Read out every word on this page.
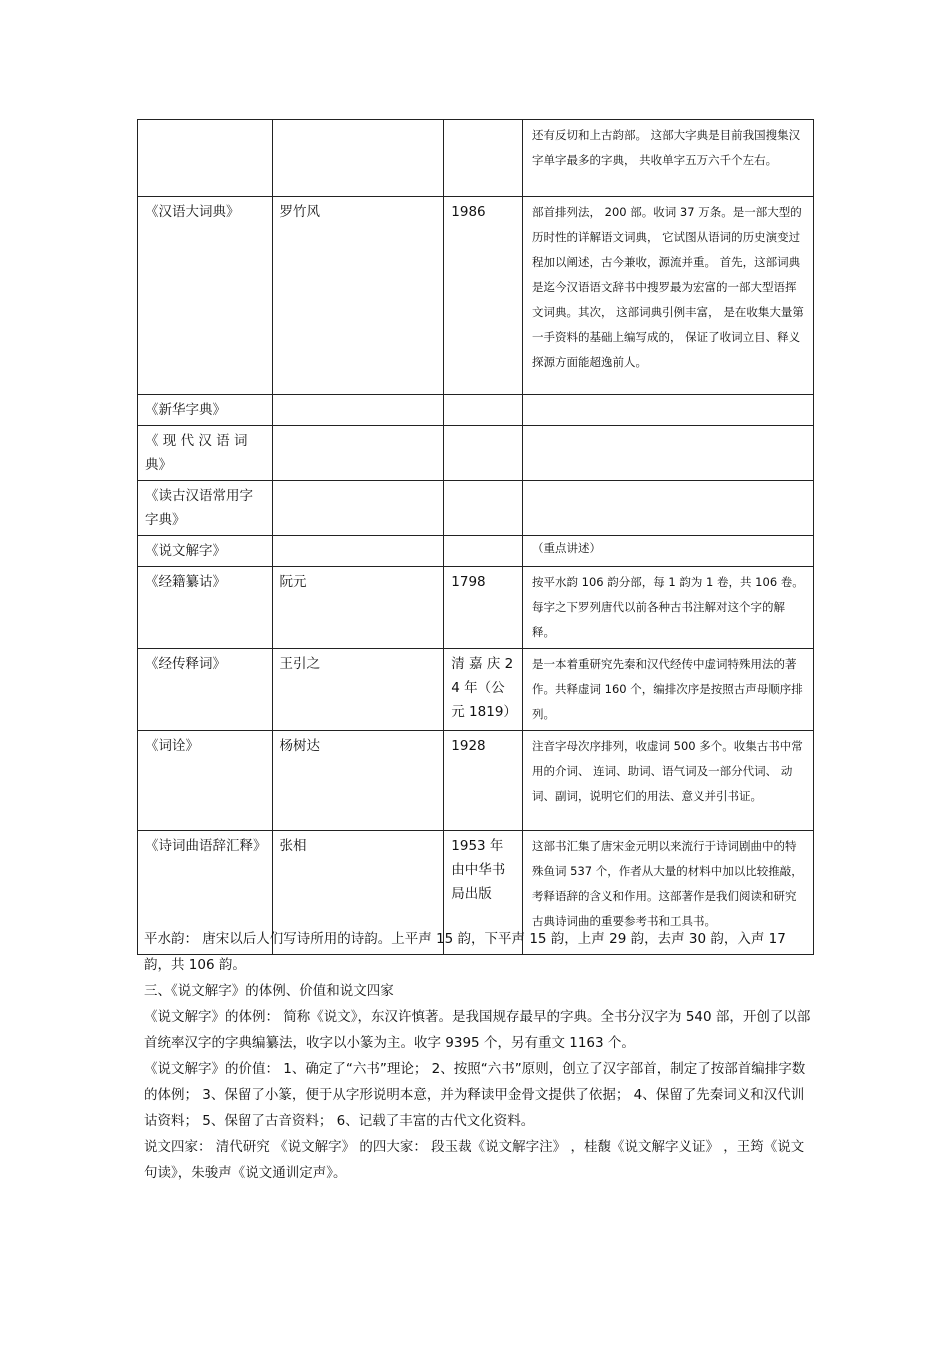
			还有反切和上古韵部。 这部大字典是目前我国搜集汉字单字最多的字典， 共收单字五万六千个左右。
《汉语大词典》	罗竹风	1986	部首排列法， 200 部。收词 37 万条。是一部大型的历时性的详解语文词典， 它试图从语词的历史演变过程加以阐述，古今兼收，源流并重。 首先，这部词典是迄今汉语语文辞书中搜罗最为宏富的一部大型语挥文词典。其次， 这部词典引例丰富， 是在收集大量第一手资料的基础上编写成的， 保证了收词立目、释义探源方面能超逸前人。
《新华字典》			
《 现 代 汉 语 词典》			
《读古汉语常用字字典》			
《说文解字》			（重点讲述）
《经籍纂诂》	阮元	1798	按平水韵 106 韵分部，每 1 韵为 1 卷，共 106 卷。每字之下罗列唐代以前各种古书注解对这个字的解释。
《经传释词》	王引之	清 嘉 庆 24 年（公元 1819）	是一本着重研究先秦和汉代经传中虚词特殊用法的著作。共释虚词 160 个，编排次序是按照古声母顺序排列。
《词诠》	杨树达	1928	注音字母次序排列，收虚词 500 多个。收集古书中常用的介词、 连词、助词、语气词及一部分代词、 动词、副词，说明它们的用法、意义并引书证。
《诗词曲语辞汇释》	张相	1953 年由中华书局出版	这部书汇集了唐宋金元明以来流行于诗词剧曲中的特殊鱼词 537 个，作者从大量的材料中加以比较推敲， 考释语辞的含义和作用。这部著作是我们阅读和研究古典诗词曲的重要参考书和工具书。

平水韵： 唐宋以后人们写诗所用的诗韵。上平声 15 韵，下平声 15 韵，上声 29 韵，去声 30 韵，入声 17 韵，共 106 韵。

三、《说文解字》的体例、价值和说文四家

《说文解字》的体例： 简称《说文》，东汉许慎著。是我国规存最早的字典。全书分汉字为 540 部，开创了以部首统率汉字的字典编纂法，收字以小篆为主。收字 9395 个，另有重文 1163 个。

《说文解字》的价值： 1、确定了“六书”理论； 2、按照“六书”原则，创立了汉字部首，制定了按部首编排字数的体例； 3、保留了小篆，便于从字形说明本意，并为释读甲金骨文提供了依据； 4、保留了先秦词义和汉代训诂资料； 5、保留了古音资料； 6、记载了丰富的古代文化资料。

说文四家： 清代研究 《说文解字》 的四大家： 段玉裁《说文解字注》 ，桂馥《说文解字义证》 ，王筠《说文句读》，朱骏声《说文通训定声》。
